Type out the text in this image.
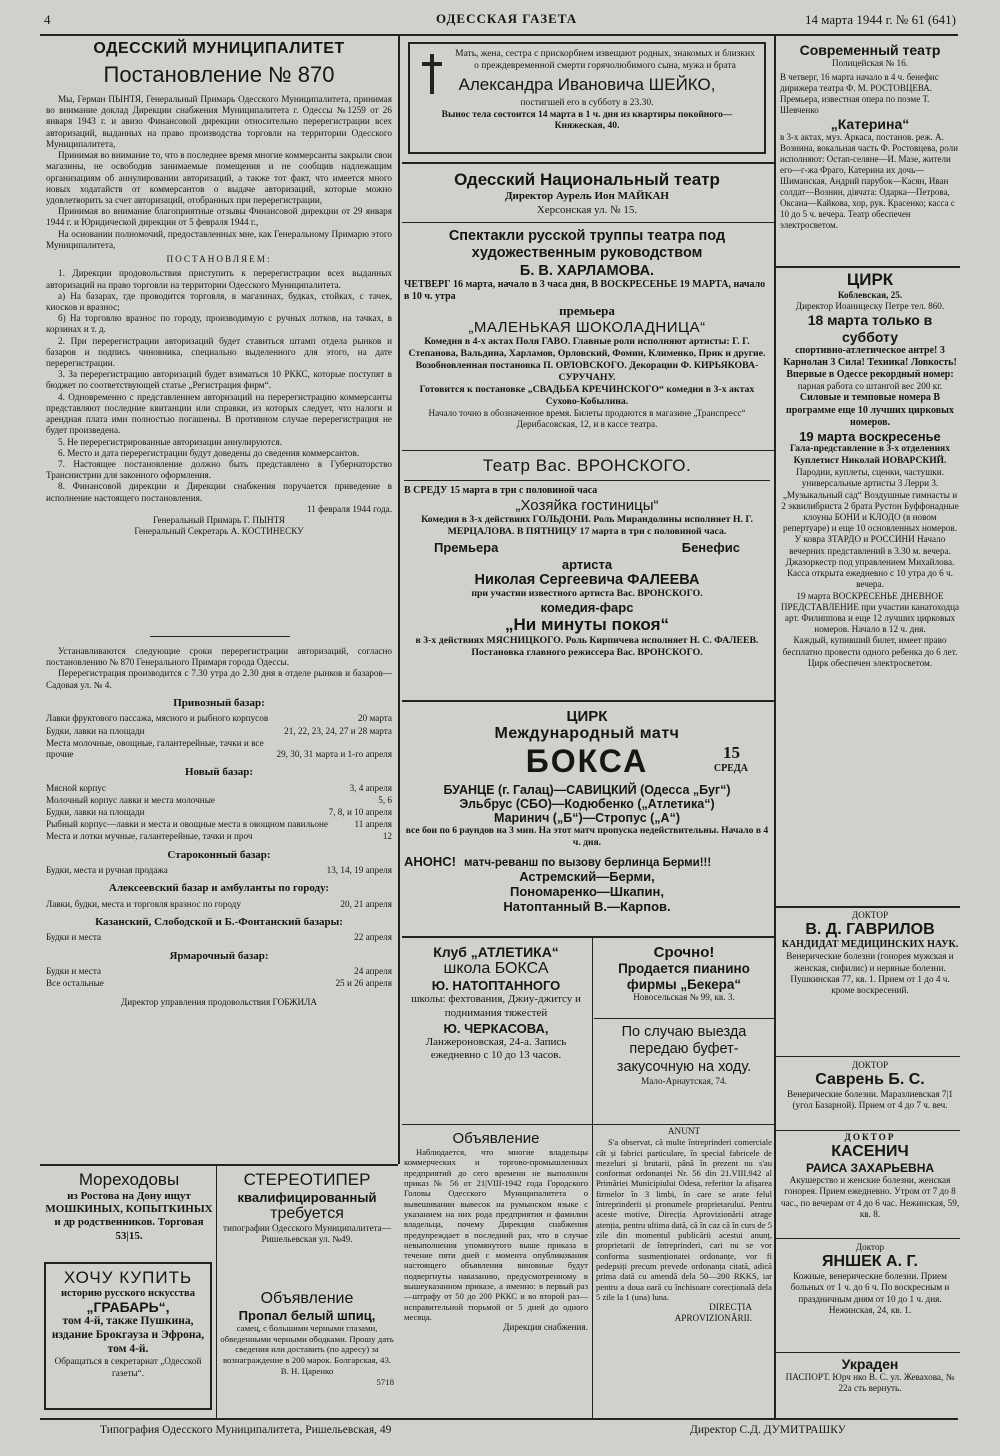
4	ОДЕССКАЯ ГАЗЕТА	14 марта 1944 г. № 61 (641)
ОДЕССКИЙ МУНИЦИПАЛИТЕТ
Постановление № 870

Мы, Герман ПЫНТЯ, Генеральный Примарь Одесского Муниципалитета, принимая во внимание доклад Дирекции снабжения Муниципалитета г. Одессы №1259 от 26 января 1943 г. и авизо Финансовой дирекции относительно перерегистрации всех авторизаций, выданных на право производства торговли на территории Одесского Муниципалитета,

Принимая во внимание то, что в последнее время многие коммерсанты закрыли свои магазины, не освободив занимаемые помещения и не сообщив надлежащим организациям об аннулировании авторизаций, а также тот факт, что имеется много новых ходатайств от коммерсантов о выдаче авторизаций, которые можно удовлетворить за счет авторизаций, отобранных при перерегистрации,

Принимая во внимание благоприятные отзывы Финансовой дирекции от 29 января 1944 г. и Юридической дирекции от 5 февраля 1944 г.,

На основании полномочий, предоставленных мне, как Генеральному Примарю этого Муниципалитета,

ПОСТАНОВЛЯЕМ:

1. Дирекции продовольствия приступить к перерегистрации всех выданных авторизаций на право торговли на территории Одесского Муниципалитета.

а) На базарах, где проводится торговля, в магазинах, будках, стойках, с тачек, киосков и вразнос;

б) На торговлю вразнос по городу, производимую с ручных лотков, на тачках, в корзинах и т. д.

2. При перерегистрации авторизаций будет ставиться штамп отдела рынков и базаров и подпись чиновника, специально выделенного для этого, на дате перерегистрации.

3. За перерегистрацию авторизаций будет взиматься 10 РККС, которые поступят в бюджет по соответствующей статье „Регистрация фирм“.

4. Одновременно с представлением авторизаций на перерегистрацию коммерсанты представляют последние квитанции или справки, из которых следует, что налоги и арендная плата ими полностью погашены. В противном случае перерегистрация не будет произведена.

5. Не перерегистрированные авторизации аннулируются.

6. Место и дата перерегистрации будут доведены до сведения коммерсантов.

7. Настоящее постановление должно быть представлено в Губернаторство Транснистрии для законного оформления.

8. Финансовой дирекции и Дирекции снабжения поручается приведение в исполнение настоящего постановления.

11 февраля 1944 года.
Генеральный Примарь Г. ПЫНТЯ
Генеральный Секретарь А. КОСТИНЕСКУ

Устанавливаются следующие сроки перерегистрации авторизаций, согласно постановлению № 870 Генерального Примаря города Одессы.

Перерегистрация производится с 7.30 утра до 2.30 дня в отделе рынков и базаров—Садовая ул. № 4.

Привозный базар:
Лавки фруктового пассажа, мясного и рыбного корпусов	20 марта
Будки, лавки на площади	21, 22, 23, 24, 27 и 28 марта
Места молочные, овощные, галантерейные, тачки и все прочие	29, 30, 31 марта и 1-го апреля
Новый базар:
Мясной корпус	3, 4 апреля
Молочный корпус лавки и места молочные	5, 6
Будки, лавки на площади	7, 8, и 10 апреля
Рыбный корпус—лавки и места и овощные места в овощном павильоне	11 апреля
Места и лотки мучные, галантерейные, тачки и проч	12
Староконный базар:
Будки, места и ручная продажа	13, 14, 19 апреля
Алексеевский базар и амбуланты по городу:
Лавки, будки, места и торговля вразнос по городу	20, 21 апреля
Казанский, Слободской и Б.-Фонтанский базары:
Будки и места	22 апреля
Ярмарочный базар:
Будки и места	24 апреля
Все остальные	25 и 26 апреля
Директор управления продовольствия ГОБЖИЛА
Мореходовы
из Ростова на Дону ищут МОШКИНЫХ, КОПЫТКИНЫХ и др родственников. Торговая 53|15.
СТЕРЕОТИПЕР
квалифицированный
требуется
типографии Одесского Муниципалитета— Ришельевская ул. №49.
ХОЧУ КУПИТЬ
историю русского искусства
„ГРАБАРЬ“,
том 4-й, также Пушкина, издание Брокгауза и Эфрона, том 4-й.
Обращаться в секретариат „Одесской газеты“.
Объявление
Пропал белый шпиц,
самец, с большими черными глазами, обведенными черными ободками. Прошу дать сведения или доставить (по адресу) за вознаграждение в 200 марок. Болгарская, 43. В. Н. Царенко
5718
Мать, жена, сестра с прискорбием извещают родных, знакомых и близких о преждевременной смерти горячолюбимого сына, мужа и брата
Александра Ивановича ШЕЙКО,
постигшей его в субботу в 23.30.
Вынос тела состоится 14 марта в 1 ч. дня из квартиры покойного—Княжеская, 40.
Одесский Национальный театр
Директор Аурель Ион МАЙКАН
Херсонская ул. № 15.
Спектакли русской труппы театра под художественным руководством
Б. В. ХАРЛАМОВА.
ЧЕТВЕРГ 16 марта, начало в 3 часа дня, В ВОСКРЕСЕНЬЕ 19 МАРТА, начало в 10 ч. утра
премьера
„МАЛЕНЬКАЯ ШОКОЛАДНИЦА“
Комедия в 4-х актах Поля ГАВО. Главные роли исполняют артисты: Г. Г. Степанова, Вальдина, Харламов, Орловский, Фомин, Клименко, Прик и другие.
Возобновленная постановка П. ОРЛОВСКОГО. Декорации Ф. КИРЬЯКОВА-СУРУЧАНУ.
Готовится к постановке „СВАДЬБА КРЕЧИНСКОГО“ комедия в 3-х актах Сухово-Кобылина.
Начало точно в обозначенное время. Билеты продаются в магазине „Транспресс“ Дерибасовская, 12, и в кассе театра.
Театр Вас. ВРОНСКОГО.
В СРЕДУ 15 марта в три с половиной часа
„Хозяйка гостиницы“
Комедия в 3-х действиях ГОЛЬДОНИ. Роль Мирандолины исполняет Н. Г. МЕРЦАЛОВА. В ПЯТНИЦУ 17 марта в три с половиной часа.
Премьера	Бенефис
артиста
Николая Сергеевича ФАЛЕЕВА
при участии известного артиста Вас. ВРОНСКОГО.
комедия-фарс
„Ни минуты покоя“
в 3-х действиях МЯСНИЦКОГО. Роль Кирпичева исполняет Н. С. ФАЛЕЕВ. Постановка главного режиссера Вас. ВРОНСКОГО.
ЦИРК
Международный матч
БОКСА	15
СРЕДА
БУАНЦЕ (г. Галац)—САВИЦКИЙ (Одесса „Буг“)
Эльбрус (СБО)—Кодюбенко („Атлетика“)
Маринич („Б“)—Стропус („А“)
все бои по 6 раундов на 3 мин. На этот матч пропуска недействительны. Начало в 4 ч. дня.
АНОНС! матч-реванш по вызову берлинца Берми!!!
Астремский—Берми,
Пономаренко—Шкапин,
Натоптанный В.—Карпов.
Клуб „АТЛЕТИКА“
школа БОКСА
Ю. НАТОПТАННОГО
школы: фехтования, Джиу-джитсу и поднимания тяжестей
Ю. ЧЕРКАСОВА,
Ланжероновская, 24-а. Запись ежедневно с 10 до 13 часов.
Срочно!
Продается пианино фирмы „Бекера“
Новосельская № 99, кв. 3.
По случаю выезда передаю буфет-закусочную на ходу.
Мало-Арнаутская, 74.
Объявление

Наблюдается, что многие владельцы коммерческих и торгово-промышленных предприятий до сего времени не выполнили приказ № 56 от 21|VIII-1942 года Городского Головы Одесского Муниципалитета о вывешивании вывесок на румынском языке с указанием на них рода предприятия и фамилии владельца, почему Дирекция снабжения предупреждает в последний раз, что в случае невыполнения упомянутого выше приказа в течение пяти дней с момента опубликования настоящего объявления виновные будут подвергнуты наказанию, предусмотренному в вышеуказанном приказе, а именно: в первый раз—штрафу от 50 до 200 РККС и во второй раз—исправительной тюрьмой от 5 дней до одного месяца.

Дирекция снабжения.
ANUNT

S'a observat, că multe întreprinderi comerciale cât și fabrici particulare, în special fabricele de mezeluri și brutarii, până în prezent nu s'au conformat ordonanței Nr. 56 din 21.VIII.942 al Primăriei Municipiului Odesa, referitor la afișarea firmelor în 3 limbi, în care se arate felul întreprinderii și pronumele proprietarului. Pentru aceste motive, Direcția Aprovizionării atrage atenția, pentru ultima dată, că în caz că în curs de 5 zile din momentul publicării acestui anunț, proprietarii de întreprinderi, cari nu se vor conforma susmenționatei ordonanțe, vor fi pedepsiți precum prevede ordonanța citată, adică prima dată cu amendă dela 50—200 RKKS, iar pentru a doua oară cu închisoare corecțională dela 5 zile la 1 (una) luna.

DIRECȚIA
APROVIZIONĂRII.
Современный театр
Полицейская № 16.
В четверг, 16 марта начало в 4 ч. бенефис дирижера театра Ф. М. РОСТОВЦЕВА. Премьера, известная опера по поэме Т. Шевченко
„Катерина“
в 3-х актах, муз. Аркаса, постанов. реж. А. Вознина, вокальная часть Ф. Ростовцева, роли исполняют: Остап-селяне—И. Мазе, жители его—г-жа Фраго, Катерина их дочь—Шиманская, Андрий парубок—Касян, Иван солдат—Вознин, дівчата: Одарка—Петрова, Оксана—Кайкова, хор, рук. Красенко; касса с 10 до 5 ч. вечера. Театр обеспечен электросветом.
ЦИРК
Коблевская, 25.
Директор Иоаницеску Петре тел. 860.
18 марта только в субботу
спортивно-атлетическое антре! 3 Карнолан 3 Сила! Техника! Ловкость! Впервые в Одессе рекордный номер:
парная работа со штангой вес 200 кг.
Силовые и темповые номера В программе еще 10 лучших цирковых номеров.
19 марта воскресенье
Гала-представление в 3-х отделениях Куплетист Николай ИОВАРСКИЙ.
Пародии, куплеты, сценки, частушки. универсальные артисты 3 Лерри 3.
„Музыкальный сад“ Воздушные гимнасты и 2 эквилибриста 2 брата Рустон Буффонадные клоуны БОНИ и КЛОДО (в новом репертуаре) и еще 10 основленных номеров.
У ковра ЗТАРДО и РОССИНИ Начало вечерних представлений в 3.30 м. вечера.
Джазоркестр под управлением Михайлова. Касса открыта ежедневно с 10 утра до 6 ч. вечера.
19 марта ВОСКРЕСЕНЬЕ ДНЕВНОЕ ПРЕДСТАВЛЕНИЕ при участии канатоходца арт. Филиппова и еще 12 лучших цирковых номеров. Начало в 12 ч. дня.
Каждый, купивший билет, имеет право бесплатно провести одного ребенка до 6 лет. Цирк обеспечен электросветом.
ДОКТОР
В. Д. ГАВРИЛОВ
КАНДИДАТ МЕДИЦИНСКИХ НАУК.
Венерические болезни (гонорея мужская и женская, сифилис) и нервные болезни. Пушкинская 77, кв. 1. Прием от 1 до 4 ч. кроме воскресений.
ДОКТОР
Саврень Б. С.
Венерические болезни. Маразлиевская 7|1 (угол Базарной). Прием от 4 до 7 ч. веч.
ДОКТОР
КАСЕНИЧ
РАИСА ЗАХАРЬЕВНА
Акушерство и женские болезни, женская гонорея. Прием ежедневно. Утром от 7 до 8 час., по вечерам от 4 до 6 час. Нежинская, 59, кв. 8.
Доктор
ЯНШЕК А. Г.
Кожные, венерические болезни. Прием больных от 1 ч. до 6 ч. По воскресным и праздничным дням от 10 до 1 ч. дня. Нежинская, 24, кв. 1.
Украден
ПАСПОРТ. Юрч нко В. С. ул. Жевахова, № 22а сть вернуть.
Типография Одесского Муниципалитета, Ришельевская, 49	Директор С.Д. ДУМИТРАШКУ
